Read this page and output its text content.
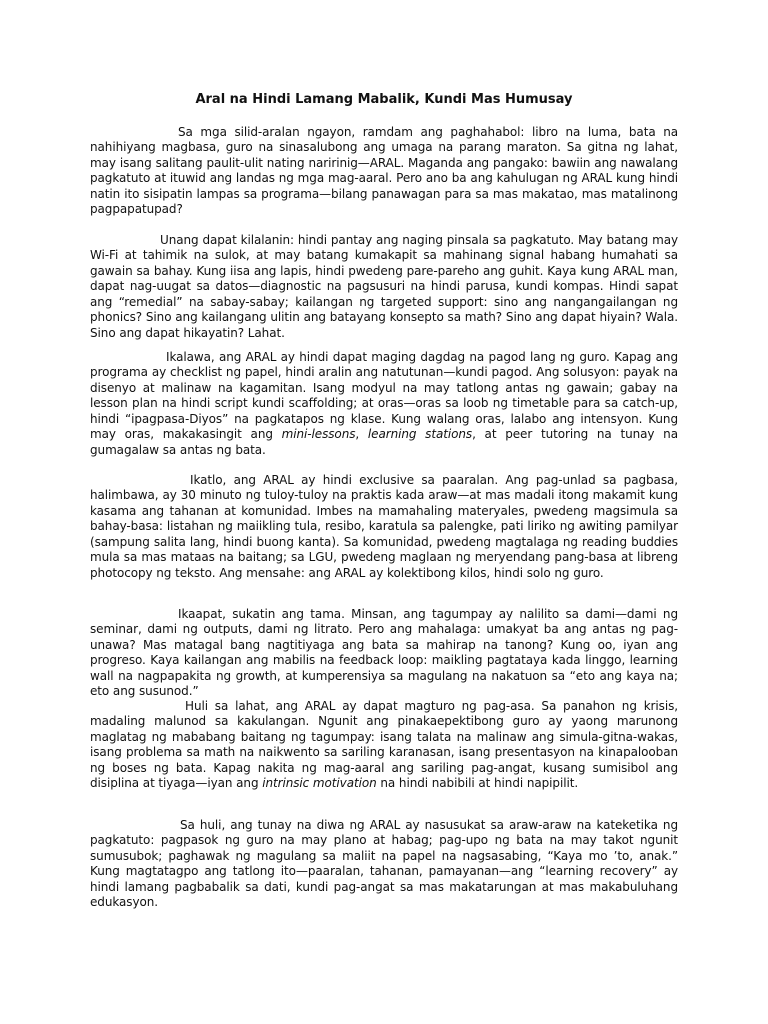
Aral na Hindi Lamang Mabalik, Kundi Mas Humusay

Sa mga silid-aralan ngayon, ramdam ang paghahabol: libro na luma, bata na nahihiyang magbasa, guro na sinasalubong ang umaga na parang maraton. Sa gitna ng lahat, may isang salitang paulit-ulit nating naririnig—ARAL. Maganda ang pangako: bawiin ang nawalang pagkatuto at ituwid ang landas ng mga mag-aaral. Pero ano ba ang kahulugan ng ARAL kung hindi natin ito sisipatin lampas sa programa—bilang panawagan para sa mas makatao, mas matalinong pagpapatupad?

Unang dapat kilalanin: hindi pantay ang naging pinsala sa pagkatuto. May batang may Wi-Fi at tahimik na sulok, at may batang kumakapit sa mahinang signal habang humahati sa gawain sa bahay. Kung iisa ang lapis, hindi pwedeng pare-pareho ang guhit. Kaya kung ARAL man, dapat nag-uugat sa datos—diagnostic na pagsusuri na hindi parusa, kundi kompas. Hindi sapat ang “remedial” na sabay-sabay; kailangan ng targeted support: sino ang nangangailangan ng phonics? Sino ang kailangang ulitin ang batayang konsepto sa math? Sino ang dapat hiyain? Wala. Sino ang dapat hikayatin? Lahat.

Ikalawa, ang ARAL ay hindi dapat maging dagdag na pagod lang ng guro. Kapag ang programa ay checklist ng papel, hindi aralin ang natutunan—kundi pagod. Ang solusyon: payak na disenyo at malinaw na kagamitan. Isang modyul na may tatlong antas ng gawain; gabay na lesson plan na hindi script kundi scaffolding; at oras—oras sa loob ng timetable para sa catch-up, hindi “ipagpasa-Diyos” na pagkatapos ng klase. Kung walang oras, lalabo ang intensyon. Kung may oras, makakasingit ang mini-lessons, learning stations, at peer tutoring na tunay na gumagalaw sa antas ng bata.

Ikatlo, ang ARAL ay hindi exclusive sa paaralan. Ang pag-unlad sa pagbasa, halimbawa, ay 30 minuto ng tuloy-tuloy na praktis kada araw—at mas madali itong makamit kung kasama ang tahanan at komunidad. Imbes na mamahaling materyales, pwedeng magsimula sa bahay-basa: listahan ng maiikling tula, resibo, karatula sa palengke, pati liriko ng awiting pamilyar (sampung salita lang, hindi buong kanta). Sa komunidad, pwedeng magtalaga ng reading buddies mula sa mas mataas na baitang; sa LGU, pwedeng maglaan ng meryendang pang-basa at libreng photocopy ng teksto. Ang mensahe: ang ARAL ay kolektibong kilos, hindi solo ng guro.

Ikaapat, sukatin ang tama. Minsan, ang tagumpay ay nalilito sa dami—dami ng seminar, dami ng outputs, dami ng litrato. Pero ang mahalaga: umakyat ba ang antas ng pag-unawa? Mas matagal bang nagtitiyaga ang bata sa mahirap na tanong? Kung oo, iyan ang progreso. Kaya kailangan ang mabilis na feedback loop: maikling pagtataya kada linggo, learning wall na nagpapakita ng growth, at kumperensiya sa magulang na nakatuon sa “eto ang kaya na; eto ang susunod.”

Huli sa lahat, ang ARAL ay dapat magturo ng pag-asa. Sa panahon ng krisis, madaling malunod sa kakulangan. Ngunit ang pinakaepektibong guro ay yaong marunong maglatag ng mababang baitang ng tagumpay: isang talata na malinaw ang simula-gitna-wakas, isang problema sa math na naikwento sa sariling karanasan, isang presentasyon na kinapalooban ng boses ng bata. Kapag nakita ng mag-aaral ang sariling pag-angat, kusang sumisibol ang disiplina at tiyaga—iyan ang intrinsic motivation na hindi nabibili at hindi napipilit.

Sa huli, ang tunay na diwa ng ARAL ay nasusukat sa araw-araw na kateketika ng pagkatuto: pagpasok ng guro na may plano at habag; pag-upo ng bata na may takot ngunit sumusubok; paghawak ng magulang sa maliit na papel na nagsasabing, “Kaya mo ’to, anak.” Kung magtatagpo ang tatlong ito—paaralan, tahanan, pamayanan—ang “learning recovery” ay hindi lamang pagbabalik sa dati, kundi pag-angat sa mas makatarungan at mas makabuluhang edukasyon.
